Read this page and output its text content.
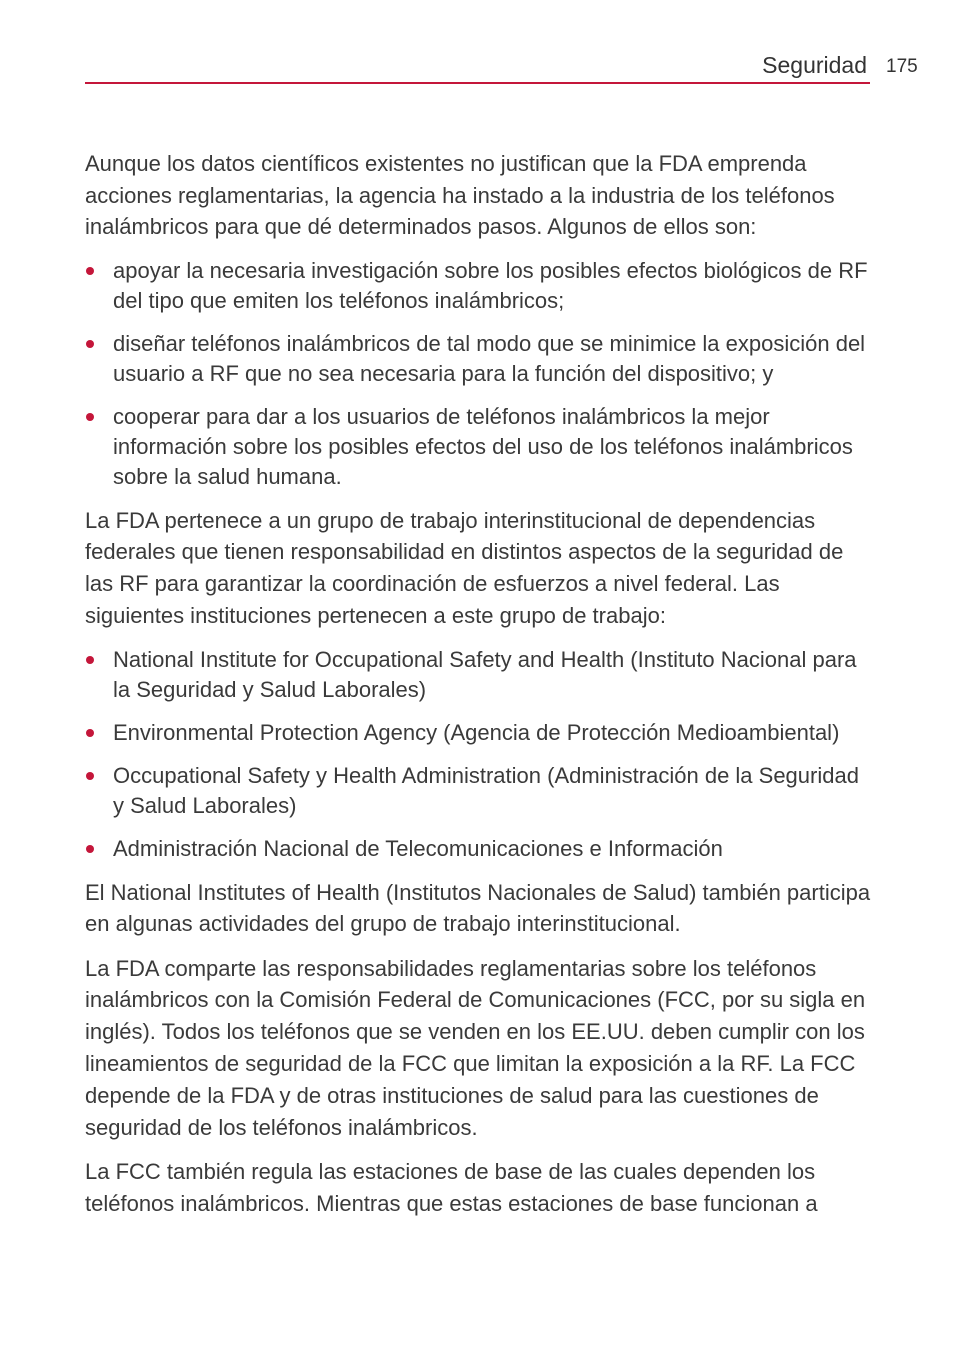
Seguridad 175

Aunque los datos científicos existentes no justifican que la FDA emprenda acciones reglamentarias, la agencia ha instado a la industria de los teléfonos inalámbricos para que dé determinados pasos. Algunos de ellos son:

apoyar la necesaria investigación sobre los posibles efectos biológicos de RF del tipo que emiten los teléfonos inalámbricos;
diseñar teléfonos inalámbricos de tal modo que se minimice la exposición del usuario a RF que no sea necesaria para la función del dispositivo; y
cooperar para dar a los usuarios de teléfonos inalámbricos la mejor información sobre los posibles efectos del uso de los teléfonos inalámbricos sobre la salud humana.

La FDA pertenece a un grupo de trabajo interinstitucional de dependencias federales que tienen responsabilidad en distintos aspectos de la seguridad de las RF para garantizar la coordinación de esfuerzos a nivel federal. Las siguientes instituciones pertenecen a este grupo de trabajo:

National Institute for Occupational Safety and Health (Instituto Nacional para la Seguridad y Salud Laborales)
Environmental Protection Agency (Agencia de Protección Medioambiental)
Occupational Safety y Health Administration (Administración de la Seguridad y Salud Laborales)
Administración Nacional de Telecomunicaciones e Información

El National Institutes of Health (Institutos Nacionales de Salud) también participa en algunas actividades del grupo de trabajo interinstitucional.

La FDA comparte las responsabilidades reglamentarias sobre los teléfonos inalámbricos con la Comisión Federal de Comunicaciones (FCC, por su sigla en inglés). Todos los teléfonos que se venden en los EE.UU. deben cumplir con los lineamientos de seguridad de la FCC que limitan la exposición a la RF. La FCC depende de la FDA y de otras instituciones de salud para las cuestiones de seguridad de los teléfonos inalámbricos.

La FCC también regula las estaciones de base de las cuales dependen los teléfonos inalámbricos. Mientras que estas estaciones de base funcionan a
